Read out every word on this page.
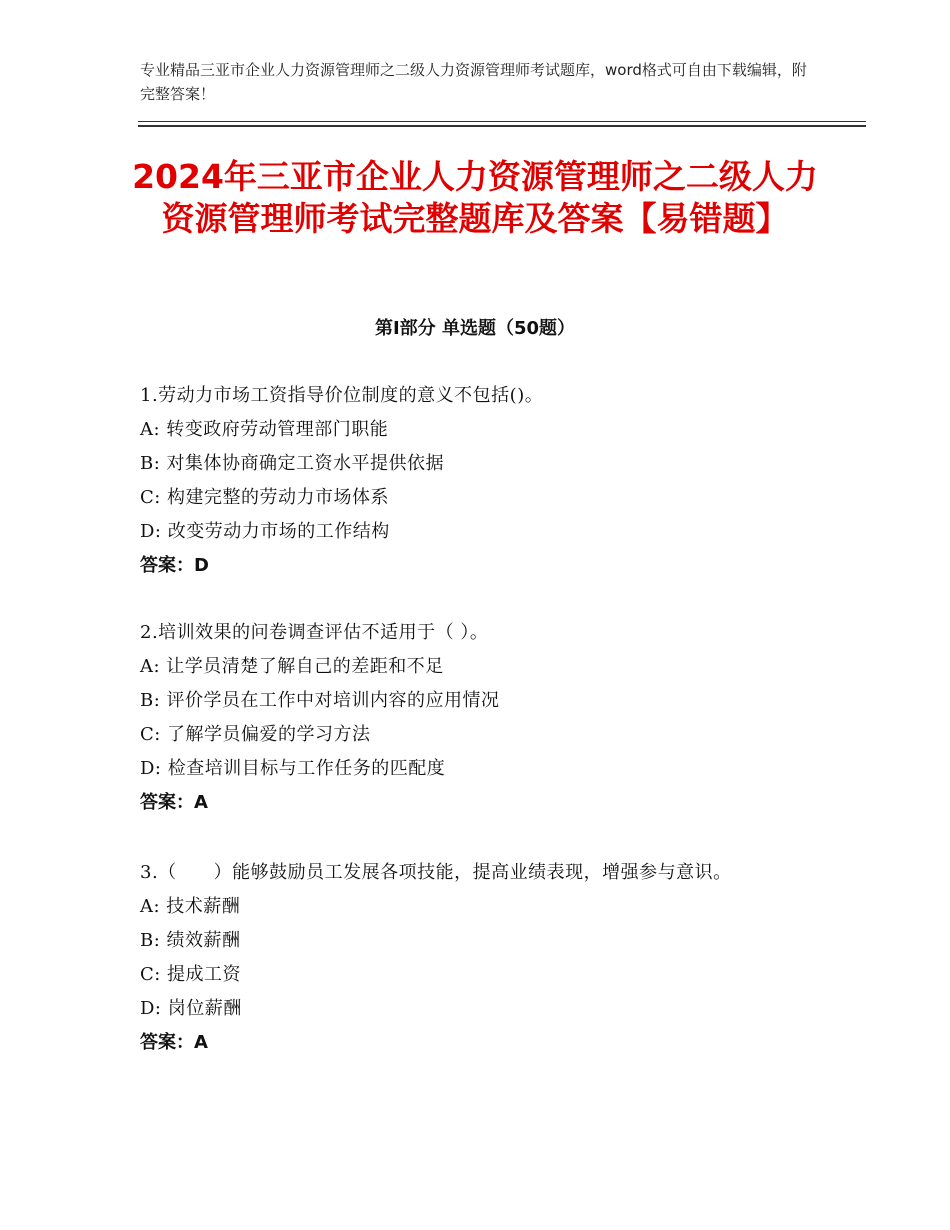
专业精品三亚市企业人力资源管理师之二级人力资源管理师考试题库，word格式可自由下载编辑，附完整答案！
2024年三亚市企业人力资源管理师之二级人力资源管理师考试完整题库及答案【易错题】
第Ⅰ部分 单选题（50题）
1.劳动力市场工资指导价位制度的意义不包括()。
A: 转变政府劳动管理部门职能
B: 对集体协商确定工资水平提供依据
C: 构建完整的劳动力市场体系
D: 改变劳动力市场的工作结构
答案：D
2.培训效果的问卷调查评估不适用于（ ）。
A: 让学员清楚了解自己的差距和不足
B: 评价学员在工作中对培训内容的应用情况
C: 了解学员偏爱的学习方法
D: 检查培训目标与工作任务的匹配度
答案：A
3.（　　）能够鼓励员工发展各项技能，提高业绩表现，增强参与意识。
A: 技术薪酬
B: 绩效薪酬
C: 提成工资
D: 岗位薪酬
答案：A
